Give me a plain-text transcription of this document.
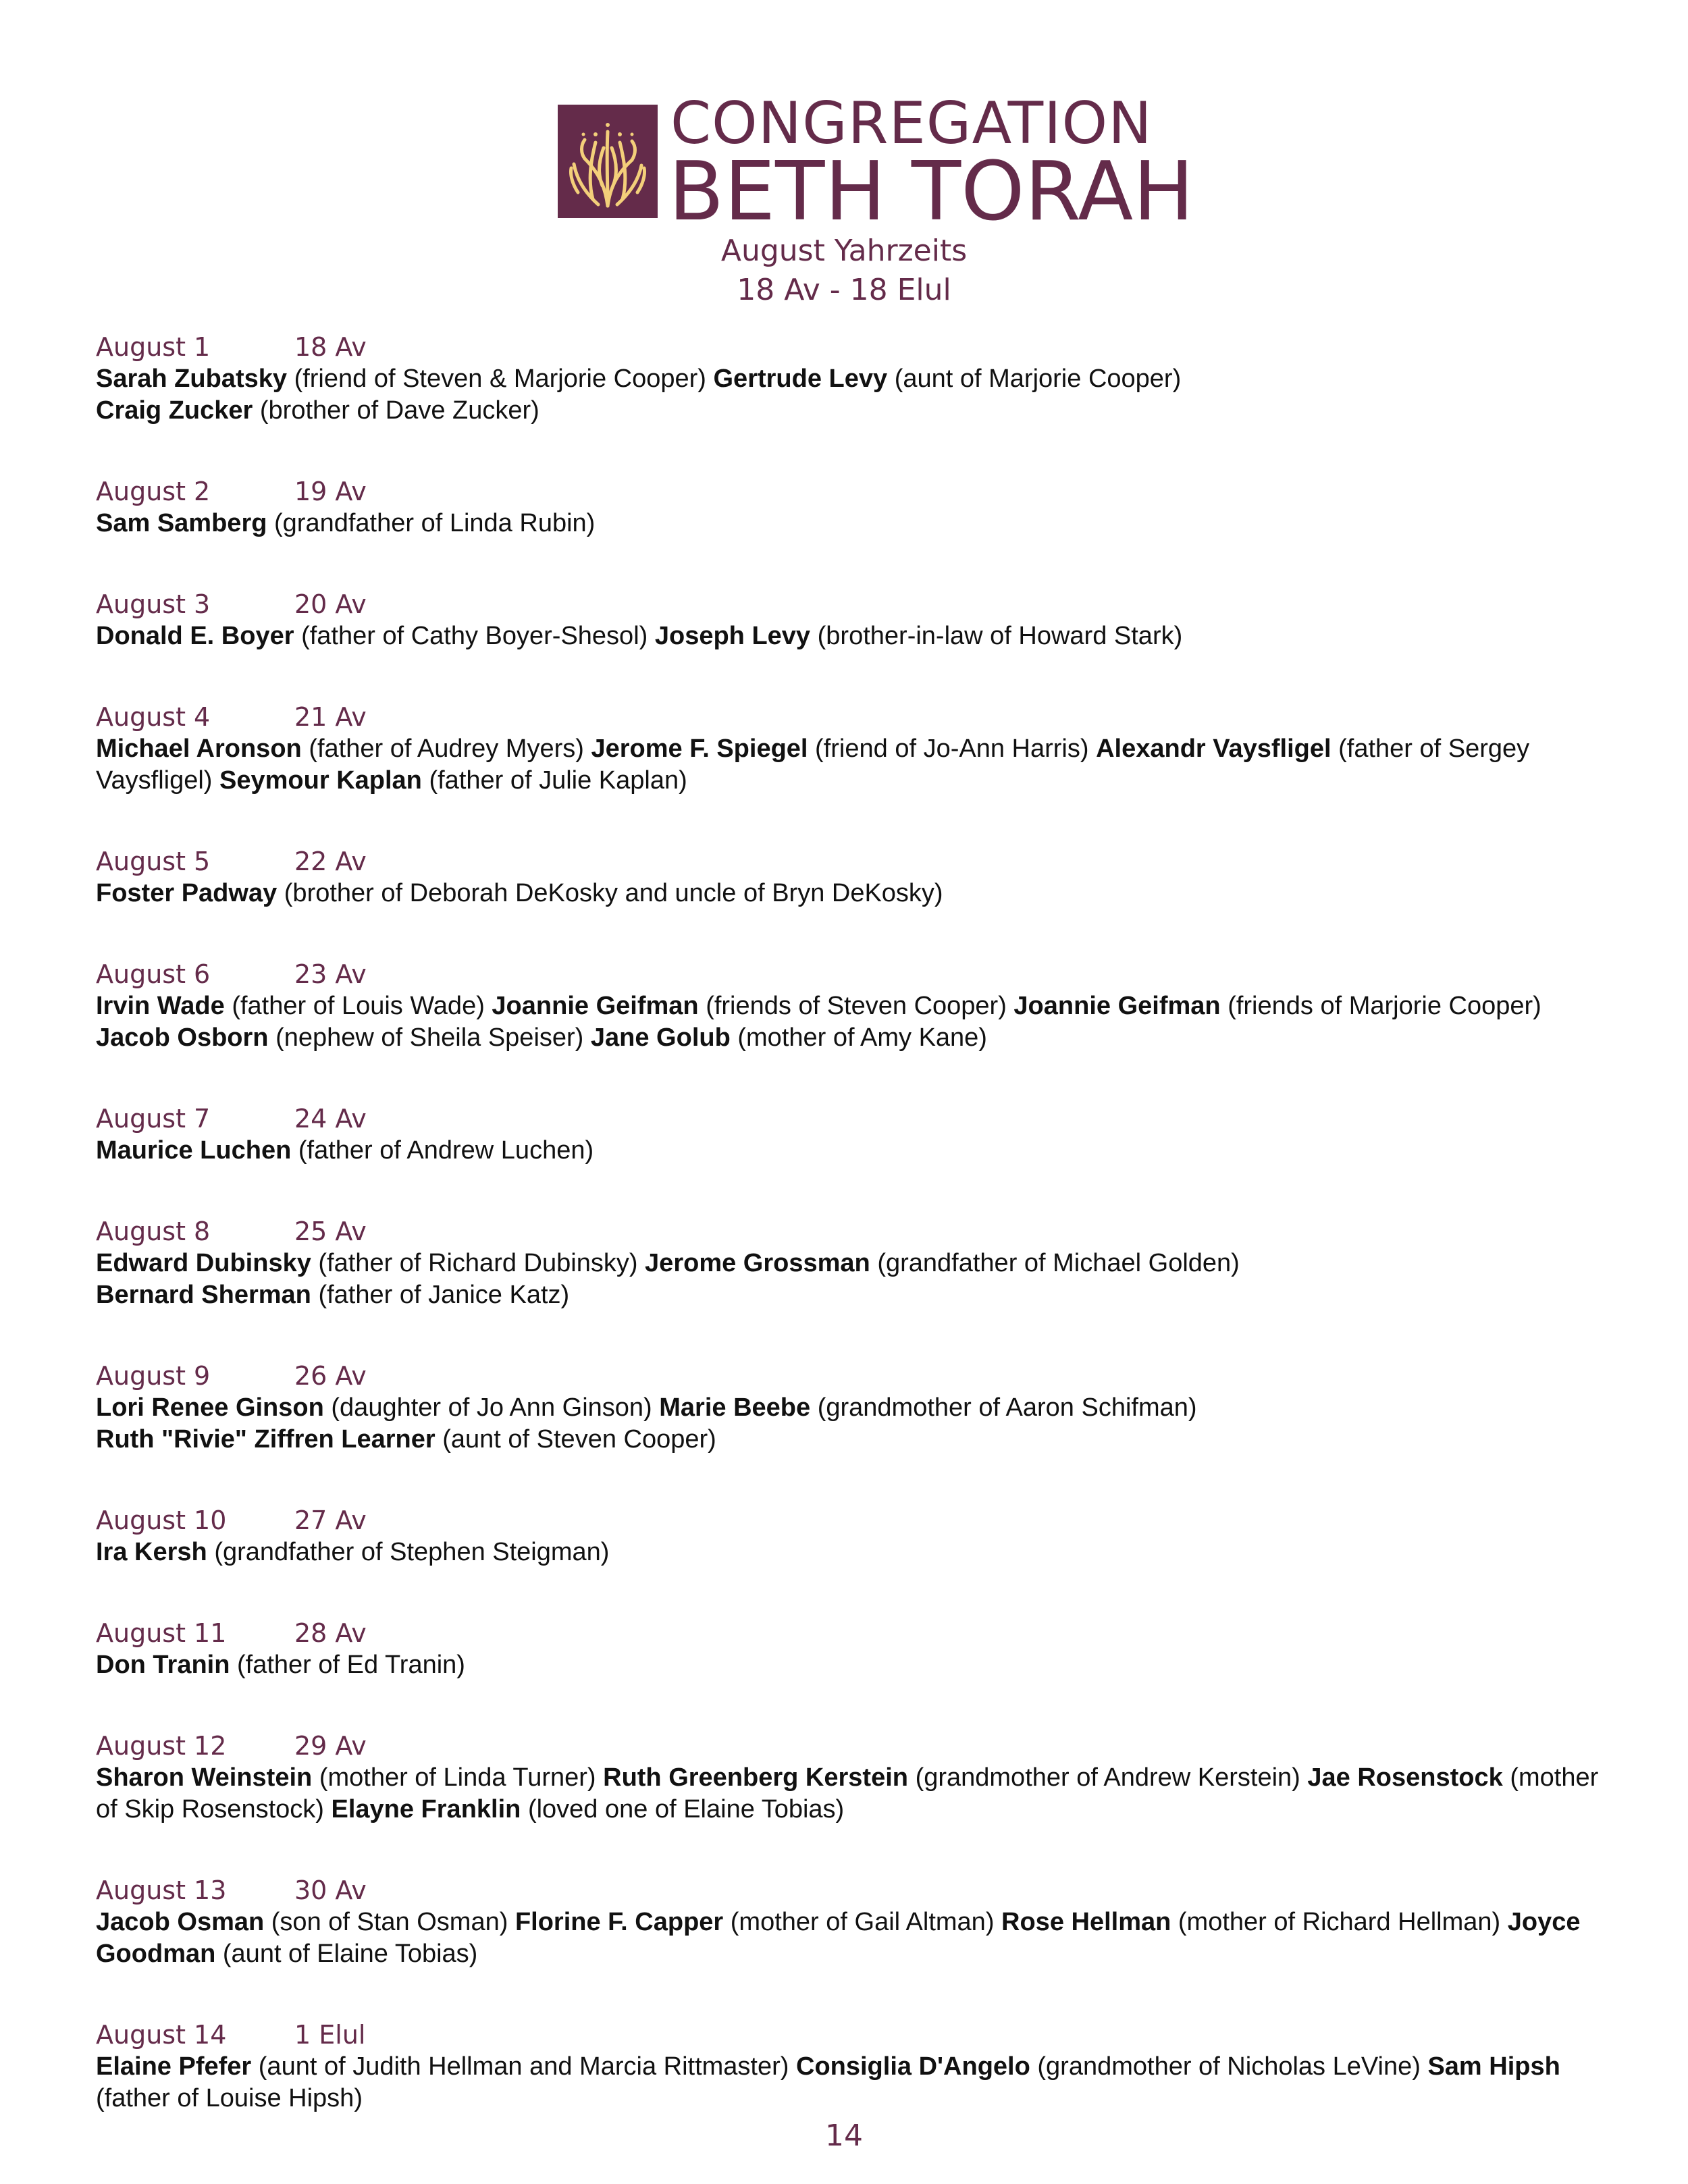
CONGREGATION
BETH TORAH
August Yahrzeits
18 Av - 18 Elul
August 1	18 Av
Sarah Zubatsky (friend of Steven & Marjorie Cooper) Gertrude Levy (aunt of Marjorie Cooper)
Craig Zucker (brother of Dave Zucker)
August 2	19 Av
Sam Samberg (grandfather of Linda Rubin)
August 3	20 Av
Donald E. Boyer (father of Cathy Boyer-Shesol) Joseph Levy (brother-in-law of Howard Stark)
August 4	21 Av
Michael Aronson (father of Audrey Myers) Jerome F. Spiegel (friend of Jo-Ann Harris) Alexandr Vaysfligel (father of Sergey Vaysfligel) Seymour Kaplan (father of Julie Kaplan)
August 5	22 Av
Foster Padway (brother of Deborah DeKosky and uncle of Bryn DeKosky)
August 6	23 Av
Irvin Wade (father of Louis Wade) Joannie Geifman (friends of Steven Cooper) Joannie Geifman (friends of Marjorie Cooper) Jacob Osborn (nephew of Sheila Speiser) Jane Golub (mother of Amy Kane)
August 7	24 Av
Maurice Luchen (father of Andrew Luchen)
August 8	25 Av
Edward Dubinsky (father of Richard Dubinsky) Jerome Grossman (grandfather of Michael Golden)
Bernard Sherman (father of Janice Katz)
August 9	26 Av
Lori Renee Ginson (daughter of Jo Ann Ginson) Marie Beebe (grandmother of Aaron Schifman)
Ruth "Rivie" Ziffren Learner (aunt of Steven Cooper)
August 10	27 Av
Ira Kersh (grandfather of Stephen Steigman)
August 11	28 Av
Don Tranin (father of Ed Tranin)
August 12	29 Av
Sharon Weinstein (mother of Linda Turner) Ruth Greenberg Kerstein (grandmother of Andrew Kerstein) Jae Rosenstock (mother of Skip Rosenstock) Elayne Franklin (loved one of Elaine Tobias)
August 13	30 Av
Jacob Osman (son of Stan Osman) Florine F. Capper (mother of Gail Altman) Rose Hellman (mother of Richard Hellman) Joyce Goodman (aunt of Elaine Tobias)
August 14	1 Elul
Elaine Pfefer (aunt of Judith Hellman and Marcia Rittmaster) Consiglia D'Angelo (grandmother of Nicholas LeVine) Sam Hipsh (father of Louise Hipsh)
14
